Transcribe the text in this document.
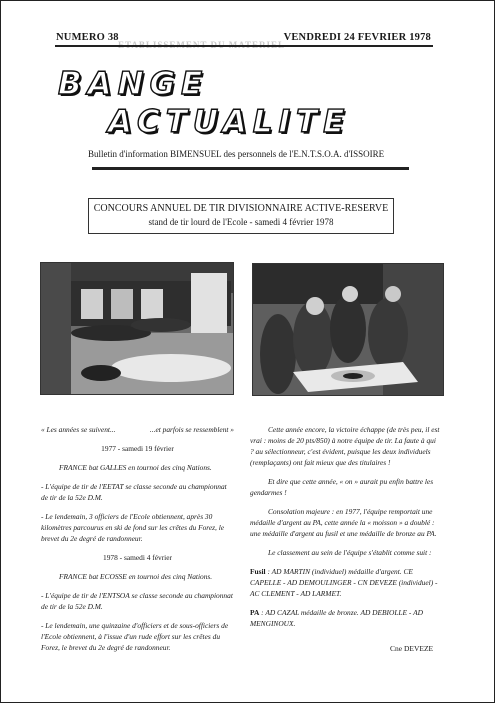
NUMERO 38	VENDREDI 24 FEVRIER 1978
BANGE
ACTUALITE
Bulletin d'information BIMENSUEL des personnels de l'E.N.T.S.O.A. d'ISSOIRE
CONCOURS ANNUEL DE TIR DIVISIONNAIRE ACTIVE-RESERVE
stand de tir lourd de l'Ecole - samedi 4 février 1978

« Les années se suivent...	...et parfois se ressemblent »

1977 - samedi 19 février

FRANCE bat GALLES en tournoi des cinq Nations.

- L'équipe de tir de l'EETAT se classe seconde au championnat de tir de la 52e D.M.

- Le lendemain, 3 officiers de l'Ecole obtiennent, après 30 kilomètres parcourus en ski de fond sur les crêtes du Forez, le brevet du 2e degré de randonneur.

1978 - samedi 4 février

FRANCE bat ECOSSE en tournoi des cinq Nations.

- L'équipe de tir de l'ENTSOA se classe seconde au championnat de tir de la 52e D.M.

- Le lendemain, une quinzaine d'officiers et de sous-officiers de l'Ecole obtiennent, à l'issue d'un rude effort sur les crêtes du Forez, le brevet du 2e degré de randonneur.

Cette année encore, la victoire échappe (de très peu, il est vrai : moins de 20 pts/850) à notre équipe de tir. La faute à qui ? au sélectionneur, c'est évident, puisque les deux individuels (remplaçants) ont fait mieux que des titulaires !

Et dire que cette année, « on » aurait pu enfin battre les gendarmes !

Consolation majeure : en 1977, l'équipe remportait une médaille d'argent au PA, cette année la « moisson » a doublé : une médaille d'argent au fusil et une médaille de bronze au PA.

Le classement au sein de l'équipe s'établit comme suit :

Fusil : AD MARTIN (individuel) médaille d'argent. CE CAPELLE - AD DEMOULINGER - CN DEVEZE (individuel) - AC CLEMENT - AD LARMET.

PA : AD CAZAL médaille de bronze. AD DEBIOLLE - AD MENGINOUX.

Cne DEVEZE
